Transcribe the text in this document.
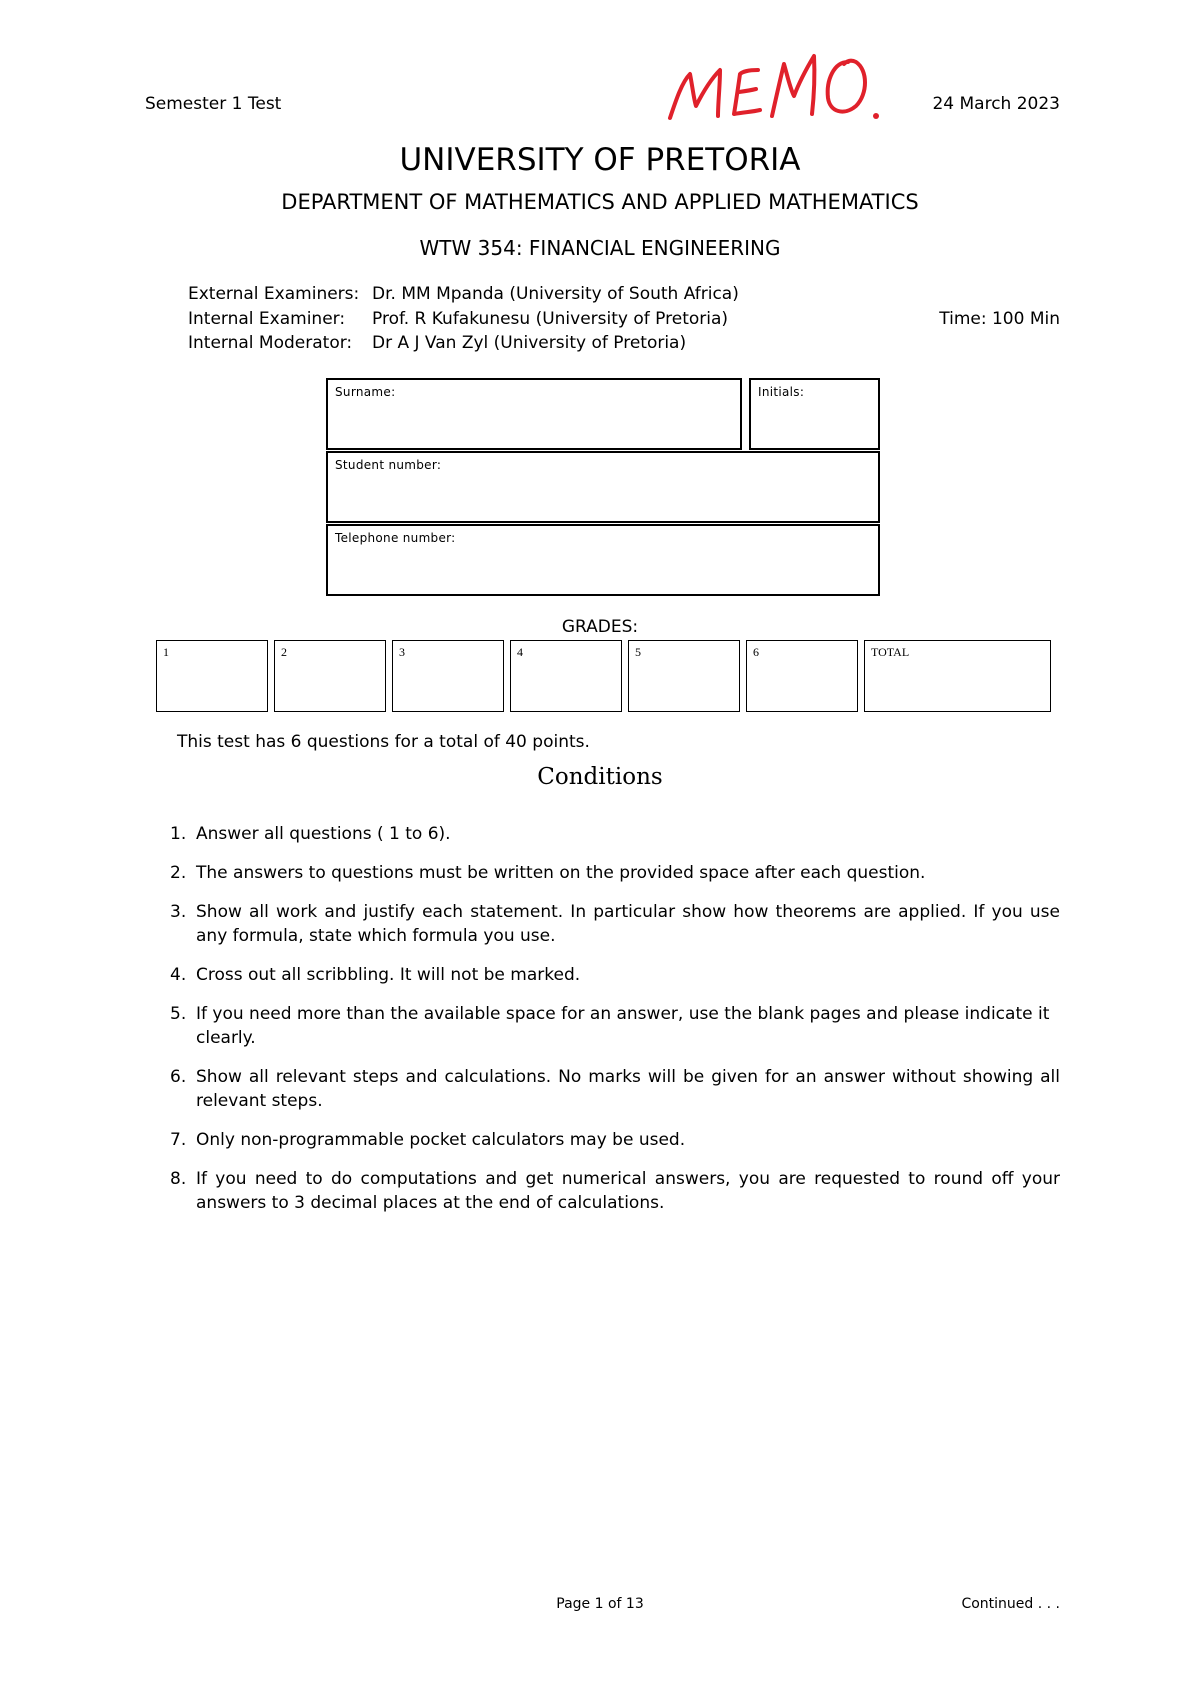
Semester 1 Test	24 March 2023
UNIVERSITY OF PRETORIA
DEPARTMENT OF MATHEMATICS AND APPLIED MATHEMATICS
WTW 354: FINANCIAL ENGINEERING
External Examiners: Dr. MM Mpanda (University of South Africa)
Internal Examiner: Prof. R Kufakunesu (University of Pretoria)
Internal Moderator: Dr A J Van Zyl (University of Pretoria)
Time: 100 Min
Surname:	Initials:
Student number:
Telephone number:
GRADES:
1	2	3	4	5	6	TOTAL
This test has 6 questions for a total of 40 points.
Conditions
1. Answer all questions ( 1 to 6).
2. The answers to questions must be written on the provided space after each question.
3. Show all work and justify each statement. In particular show how theorems are applied. If you use any formula, state which formula you use.
4. Cross out all scribbling. It will not be marked.
5. If you need more than the available space for an answer, use the blank pages and please indicate it clearly.
6. Show all relevant steps and calculations. No marks will be given for an answer without showing all relevant steps.
7. Only non-programmable pocket calculators may be used.
8. If you need to do computations and get numerical answers, you are requested to round off your answers to 3 decimal places at the end of calculations.
Page 1 of 13	Continued . . .
